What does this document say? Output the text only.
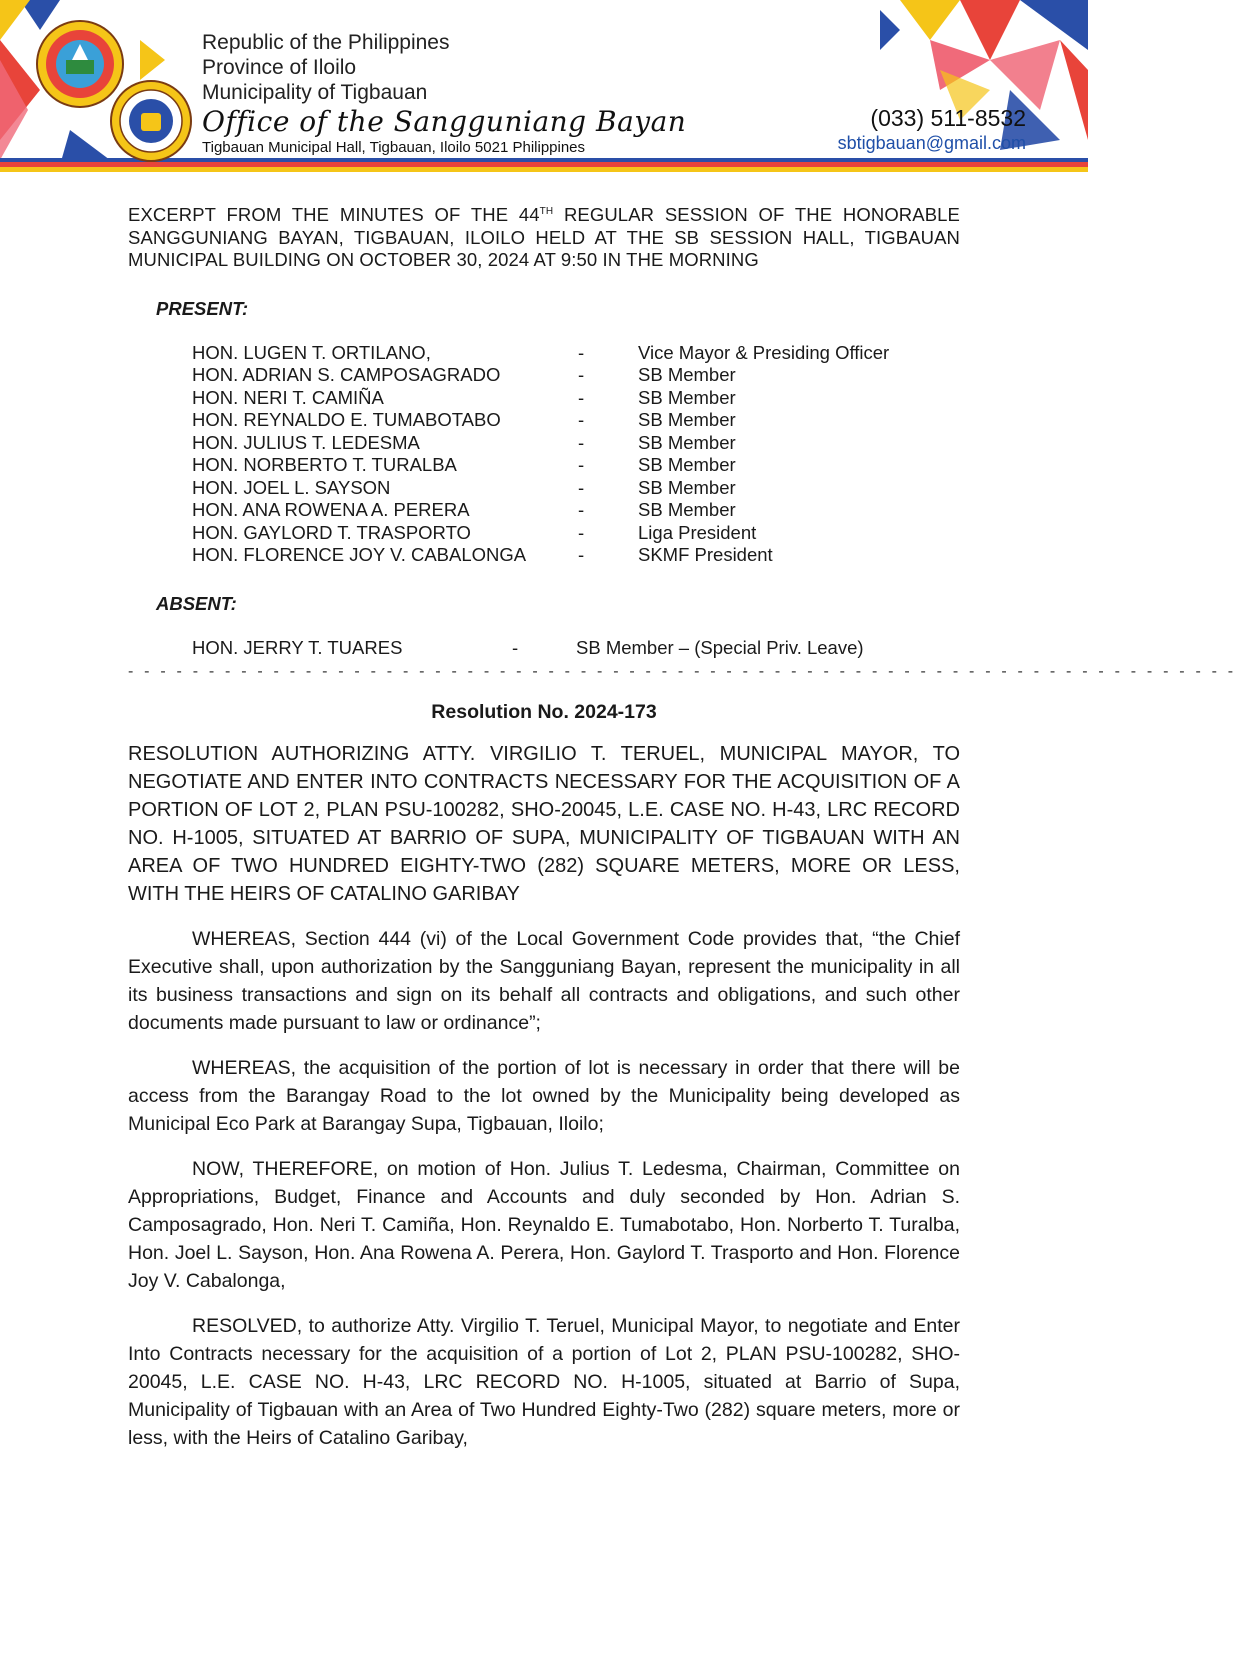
Republic of the Philippines
Province of Iloilo
Municipality of Tigbauan
Office of the Sangguniang Bayan
Tigbauan Municipal Hall, Tigbauan, Iloilo 5021 Philippines
(033) 511-8532
sbtigbauan@gmail.com

EXCERPT FROM THE MINUTES OF THE 44TH REGULAR SESSION OF THE HONORABLE SANGGUNIANG BAYAN, TIGBAUAN, ILOILO HELD AT THE SB SESSION HALL, TIGBAUAN MUNICIPAL BUILDING ON OCTOBER 30, 2024 AT 9:50 IN THE MORNING

PRESENT:
HON. LUGEN T. ORTILANO,	-	Vice Mayor & Presiding Officer
HON. ADRIAN S. CAMPOSAGRADO	-	SB Member
HON. NERI T. CAMIÑA	-	SB Member
HON. REYNALDO E. TUMABOTABO	-	SB Member
HON. JULIUS T. LEDESMA	-	SB Member
HON. NORBERTO T. TURALBA	-	SB Member
HON. JOEL L. SAYSON	-	SB Member
HON. ANA ROWENA A. PERERA	-	SB Member
HON. GAYLORD T. TRASPORTO	-	Liga President
HON. FLORENCE JOY V. CABALONGA	-	SKMF President
ABSENT:
HON. JERRY T. TUARES	-	SB Member – (Special Priv. Leave)
- - - - - - - - - - - - - - - - - - - - - - - - - - - - - - - - - - - - - - - - - - - - - - - - - - - - - - - - - - - - - - - - - - - - -
Resolution No. 2024-173

RESOLUTION AUTHORIZING ATTY. VIRGILIO T. TERUEL, MUNICIPAL MAYOR, TO NEGOTIATE AND ENTER INTO CONTRACTS NECESSARY FOR THE ACQUISITION OF A PORTION OF LOT 2, PLAN PSU-100282, SHO-20045, L.E. CASE NO. H-43, LRC RECORD NO. H-1005, SITUATED AT BARRIO OF SUPA, MUNICIPALITY OF TIGBAUAN WITH AN AREA OF TWO HUNDRED EIGHTY-TWO (282) SQUARE METERS, MORE OR LESS, WITH THE HEIRS OF CATALINO GARIBAY

WHEREAS, Section 444 (vi) of the Local Government Code provides that, “the Chief Executive shall, upon authorization by the Sangguniang Bayan, represent the municipality in all its business transactions and sign on its behalf all contracts and obligations, and such other documents made pursuant to law or ordinance”;

WHEREAS, the acquisition of the portion of lot is necessary in order that there will be access from the Barangay Road to the lot owned by the Municipality being developed as Municipal Eco Park at Barangay Supa, Tigbauan, Iloilo;

NOW, THEREFORE, on motion of Hon. Julius T. Ledesma, Chairman, Committee on Appropriations, Budget, Finance and Accounts and duly seconded by Hon. Adrian S. Camposagrado, Hon. Neri T. Camiña, Hon. Reynaldo E. Tumabotabo, Hon. Norberto T. Turalba, Hon. Joel L. Sayson, Hon. Ana Rowena A. Perera, Hon. Gaylord T. Trasporto and Hon. Florence Joy V. Cabalonga,

RESOLVED, to authorize Atty. Virgilio T. Teruel, Municipal Mayor, to negotiate and Enter Into Contracts necessary for the acquisition of a portion of Lot 2, PLAN PSU-100282, SHO-20045, L.E. CASE NO. H-43, LRC RECORD NO. H-1005, situated at Barrio of Supa, Municipality of Tigbauan with an Area of Two Hundred Eighty-Two (282) square meters, more or less, with the Heirs of Catalino Garibay,
